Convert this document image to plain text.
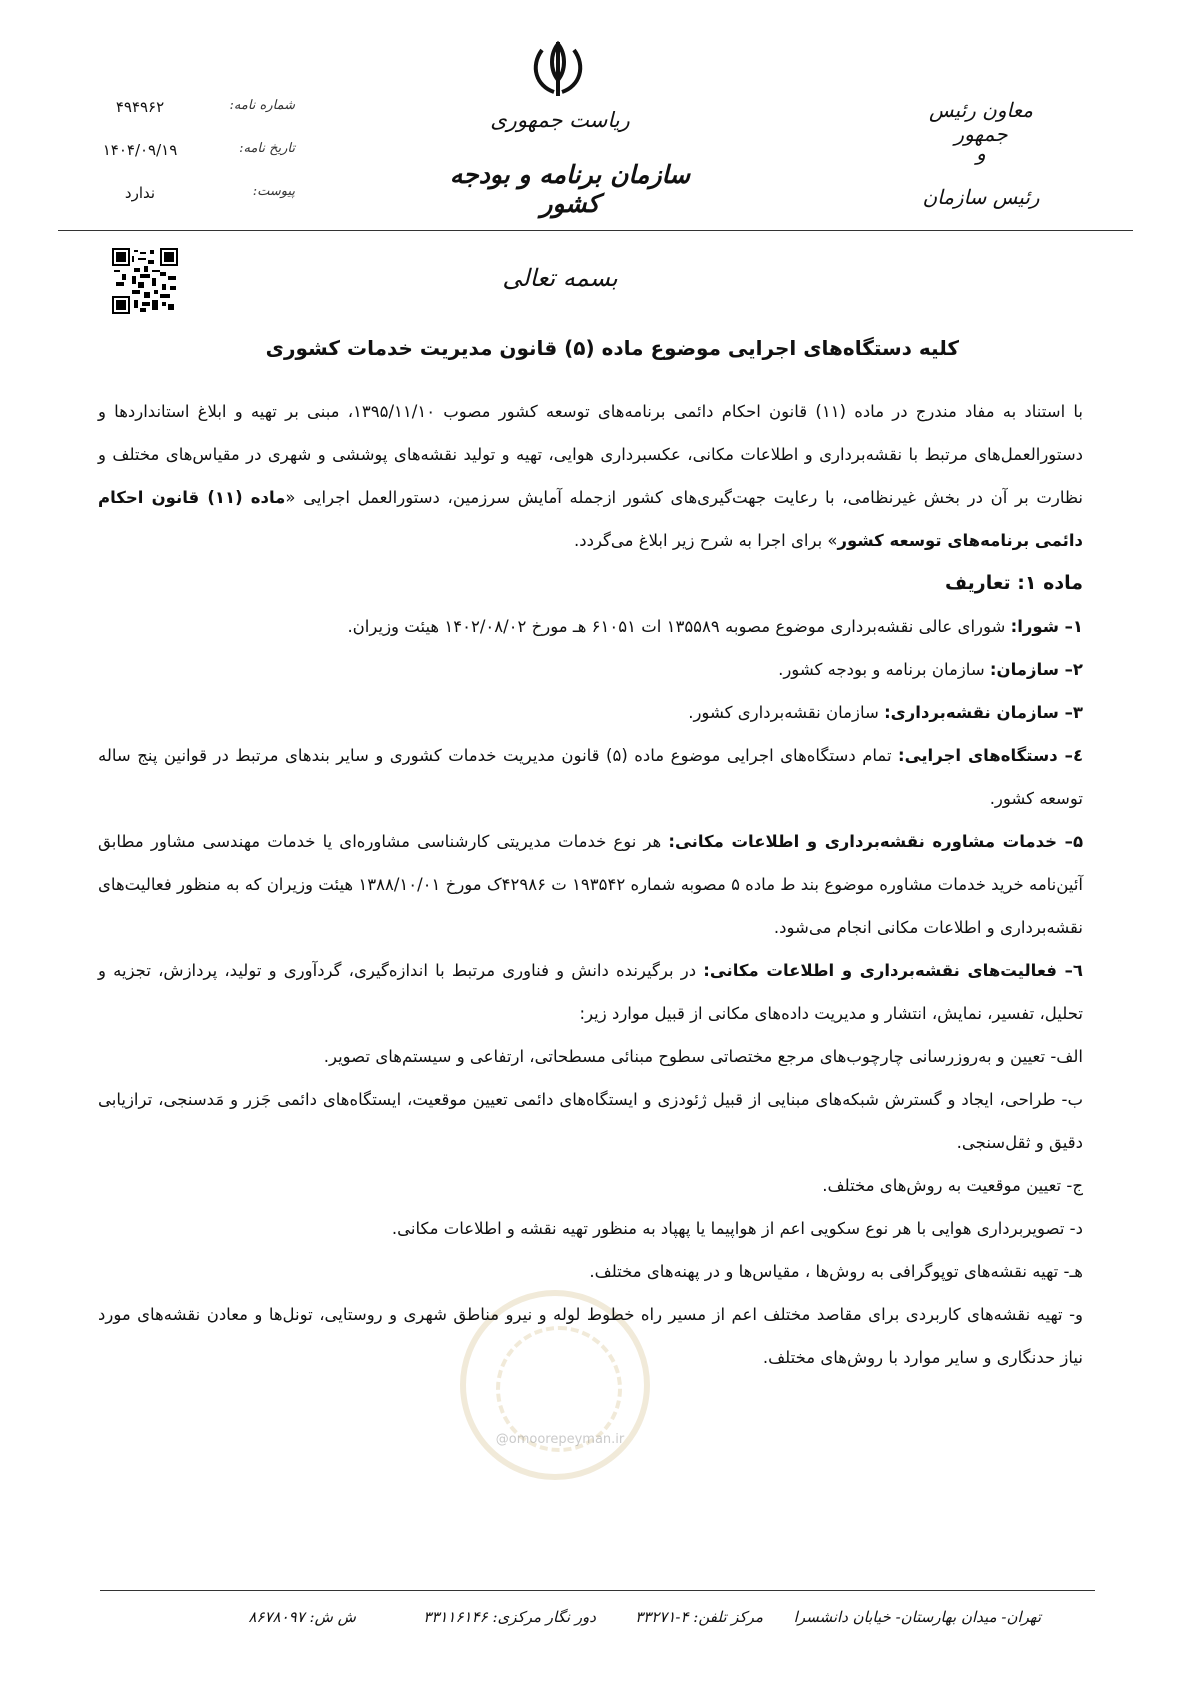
معاون رئیس جمهور
و
رئیس سازمان
ریاست جمهوری
سازمان برنامه و بودجه کشور
شماره نامه:
۴۹۴۹۶۲
تاریخ نامه:
۱۴۰۴/۰۹/۱۹
پیوست:
ندارد
بسمه تعالی
کلیه دستگاه‌های اجرایی موضوع ماده (۵) قانون مدیریت خدمات کشوری
@omoorepeyman.ir

با استناد به مفاد مندرج در ماده (۱۱) قانون احکام دائمی برنامه‌های توسعه کشور مصوب ۱۳۹۵/۱۱/۱۰، مبنی بر تهیه و ابلاغ استانداردها و دستورالعمل‌های مرتبط با نقشه‌برداری و اطلاعات مکانی، عکسبرداری هوایی، تهیه و تولید نقشه‌های پوششی و شهری در مقیاس‌های مختلف و نظارت بر آن در بخش غیرنظامی، با رعایت جهت‌گیری‌های کشور ازجمله آمایش سرزمین، دستورالعمل اجرایی «ماده (۱۱) قانون احکام دائمی برنامه‌های توسعه کشور» برای اجرا به شرح زیر ابلاغ می‌گردد.

ماده ۱: تعاریف

۱– شورا: شورای عالی نقشه‌برداری موضوع مصوبه ۱۳۵۵۸۹ ات ۶۱۰۵۱ هـ مورخ ۱۴۰۲/۰۸/۰۲ هیئت وزیران.

۲– سازمان: سازمان برنامه و بودجه کشور.

۳– سازمان نقشه‌برداری: سازمان نقشه‌برداری کشور.

٤– دستگاه‌های اجرایی: تمام دستگاه‌های اجرایی موضوع ماده (۵) قانون مدیریت خدمات کشوری و سایر بندهای مرتبط در قوانین پنج ساله توسعه کشور.

۵– خدمات مشاوره نقشه‌برداری و اطلاعات مکانی: هر نوع خدمات مدیریتی کارشناسی مشاوره‌ای یا خدمات مهندسی مشاور مطابق آئین‌نامه خرید خدمات مشاوره موضوع بند ط ماده ۵ مصوبه شماره ۱۹۳۵۴۲ ت ۴۲۹۸۶ک مورخ ۱۳۸۸/۱۰/۰۱ هیئت وزیران که به منظور فعالیت‌های نقشه‌برداری و اطلاعات مکانی انجام می‌شود.

٦– فعالیت‌های نقشه‌برداری و اطلاعات مکانی: در برگیرنده دانش و فناوری مرتبط با اندازه‌گیری، گردآوری و تولید، پردازش، تجزیه و تحلیل، تفسیر، نمایش، انتشار و مدیریت داده‌های مکانی از قبیل موارد زیر:

الف- تعیین و به‌روزرسانی چارچوب‌های مرجع مختصاتی سطوح مبنائی مسطحاتی، ارتفاعی و سیستم‌های تصویر.

ب- طراحی، ایجاد و گسترش شبکه‌های مبنایی از قبیل ژئودزی و ایستگاه‌های دائمی تعیین موقعیت، ایستگاه‌های دائمی جَزر و مَدسنجی، ترازیابی دقیق و ثقل‌سنجی.

ج- تعیین موقعیت به روش‌های مختلف.

د- تصویربرداری هوایی با هر نوع سکویی اعم از هواپیما یا پهپاد به منظور تهیه نقشه و اطلاعات مکانی.

هـ- تهیه نقشه‌های توپوگرافی به روش‌ها ، مقیاس‌ها و در پهنه‌های مختلف.

و- تهیه نقشه‌های کاربردی برای مقاصد مختلف اعم از مسیر راه خطوط لوله و نیرو مناطق شهری و روستایی، تونل‌ها و معادن نقشه‌های مورد نیاز حدنگاری و سایر موارد با روش‌های مختلف.

تهران- میدان بهارستان- خیابان دانشسرا
مرکز تلفن: ۴-۳۳۲۷۱
دور نگار مرکزی: ۳۳۱۱۶۱۴۶
ش ش: ۸۶۷۸۰۹۷
